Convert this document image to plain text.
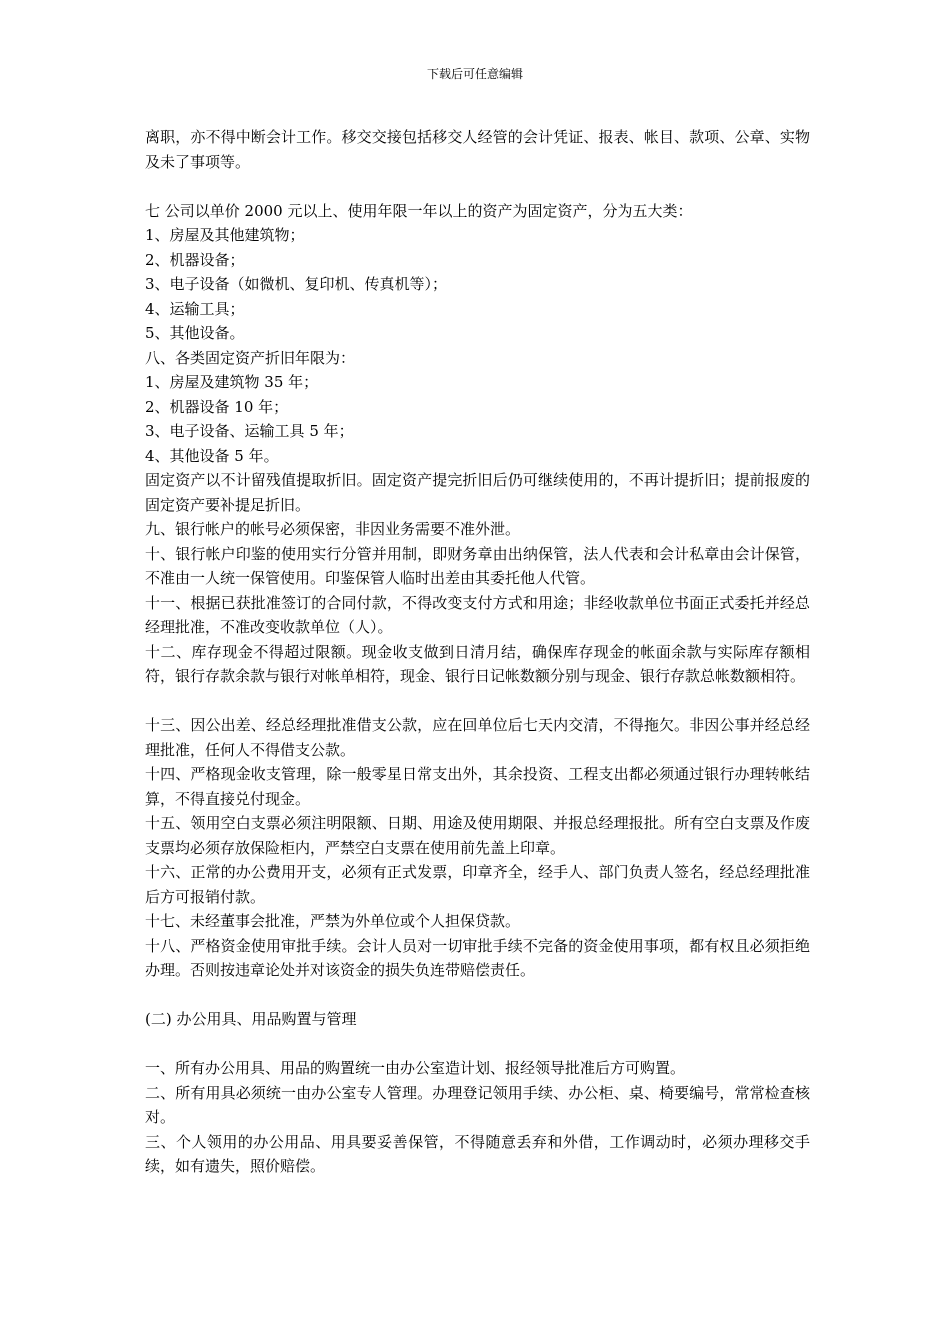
下载后可任意编辑

离职，亦不得中断会计工作。移交交接包括移交人经管的会计凭证、报表、帐目、款项、公章、实物及未了事项等。

七 公司以单价 2000 元以上、使用年限一年以上的资产为固定资产，分为五大类：

1、房屋及其他建筑物；

2、机器设备；

3、电子设备（如微机、复印机、传真机等）；

4、运输工具；

5、其他设备。

八、各类固定资产折旧年限为：

1、房屋及建筑物 35 年；

2、机器设备 10 年；

3、电子设备、运输工具 5 年；

4、其他设备 5 年。

固定资产以不计留残值提取折旧。固定资产提完折旧后仍可继续使用的，不再计提折旧；提前报废的固定资产要补提足折旧。

九、银行帐户的帐号必须保密，非因业务需要不准外泄。

十、银行帐户印鉴的使用实行分管并用制，即财务章由出纳保管，法人代表和会计私章由会计保管，不准由一人统一保管使用。印鉴保管人临时出差由其委托他人代管。

十一、根据已获批准签订的合同付款，不得改变支付方式和用途；非经收款单位书面正式委托并经总经理批准，不准改变收款单位（人）。

十二、库存现金不得超过限额。现金收支做到日清月结，确保库存现金的帐面余款与实际库存额相符，银行存款余款与银行对帐单相符，现金、银行日记帐数额分别与现金、银行存款总帐数额相符。

十三、因公出差、经总经理批准借支公款，应在回单位后七天内交清，不得拖欠。非因公事并经总经理批准，任何人不得借支公款。

十四、严格现金收支管理，除一般零星日常支出外，其余投资、工程支出都必须通过银行办理转帐结算，不得直接兑付现金。

十五、领用空白支票必须注明限额、日期、用途及使用期限、并报总经理报批。所有空白支票及作废支票均必须存放保险柜内，严禁空白支票在使用前先盖上印章。

十六、正常的办公费用开支，必须有正式发票，印章齐全，经手人、部门负责人签名，经总经理批准后方可报销付款。

十七、未经董事会批准，严禁为外单位或个人担保贷款。

十八、严格资金使用审批手续。会计人员对一切审批手续不完备的资金使用事项，都有权且必须拒绝办理。否则按违章论处并对该资金的损失负连带赔偿责任。

(二) 办公用具、用品购置与管理

一、所有办公用具、用品的购置统一由办公室造计划、报经领导批准后方可购置。

二、所有用具必须统一由办公室专人管理。办理登记领用手续、办公柜、桌、椅要编号，常常检查核对。

三、个人领用的办公用品、用具要妥善保管，不得随意丢弃和外借，工作调动时，必须办理移交手续，如有遗失，照价赔偿。
